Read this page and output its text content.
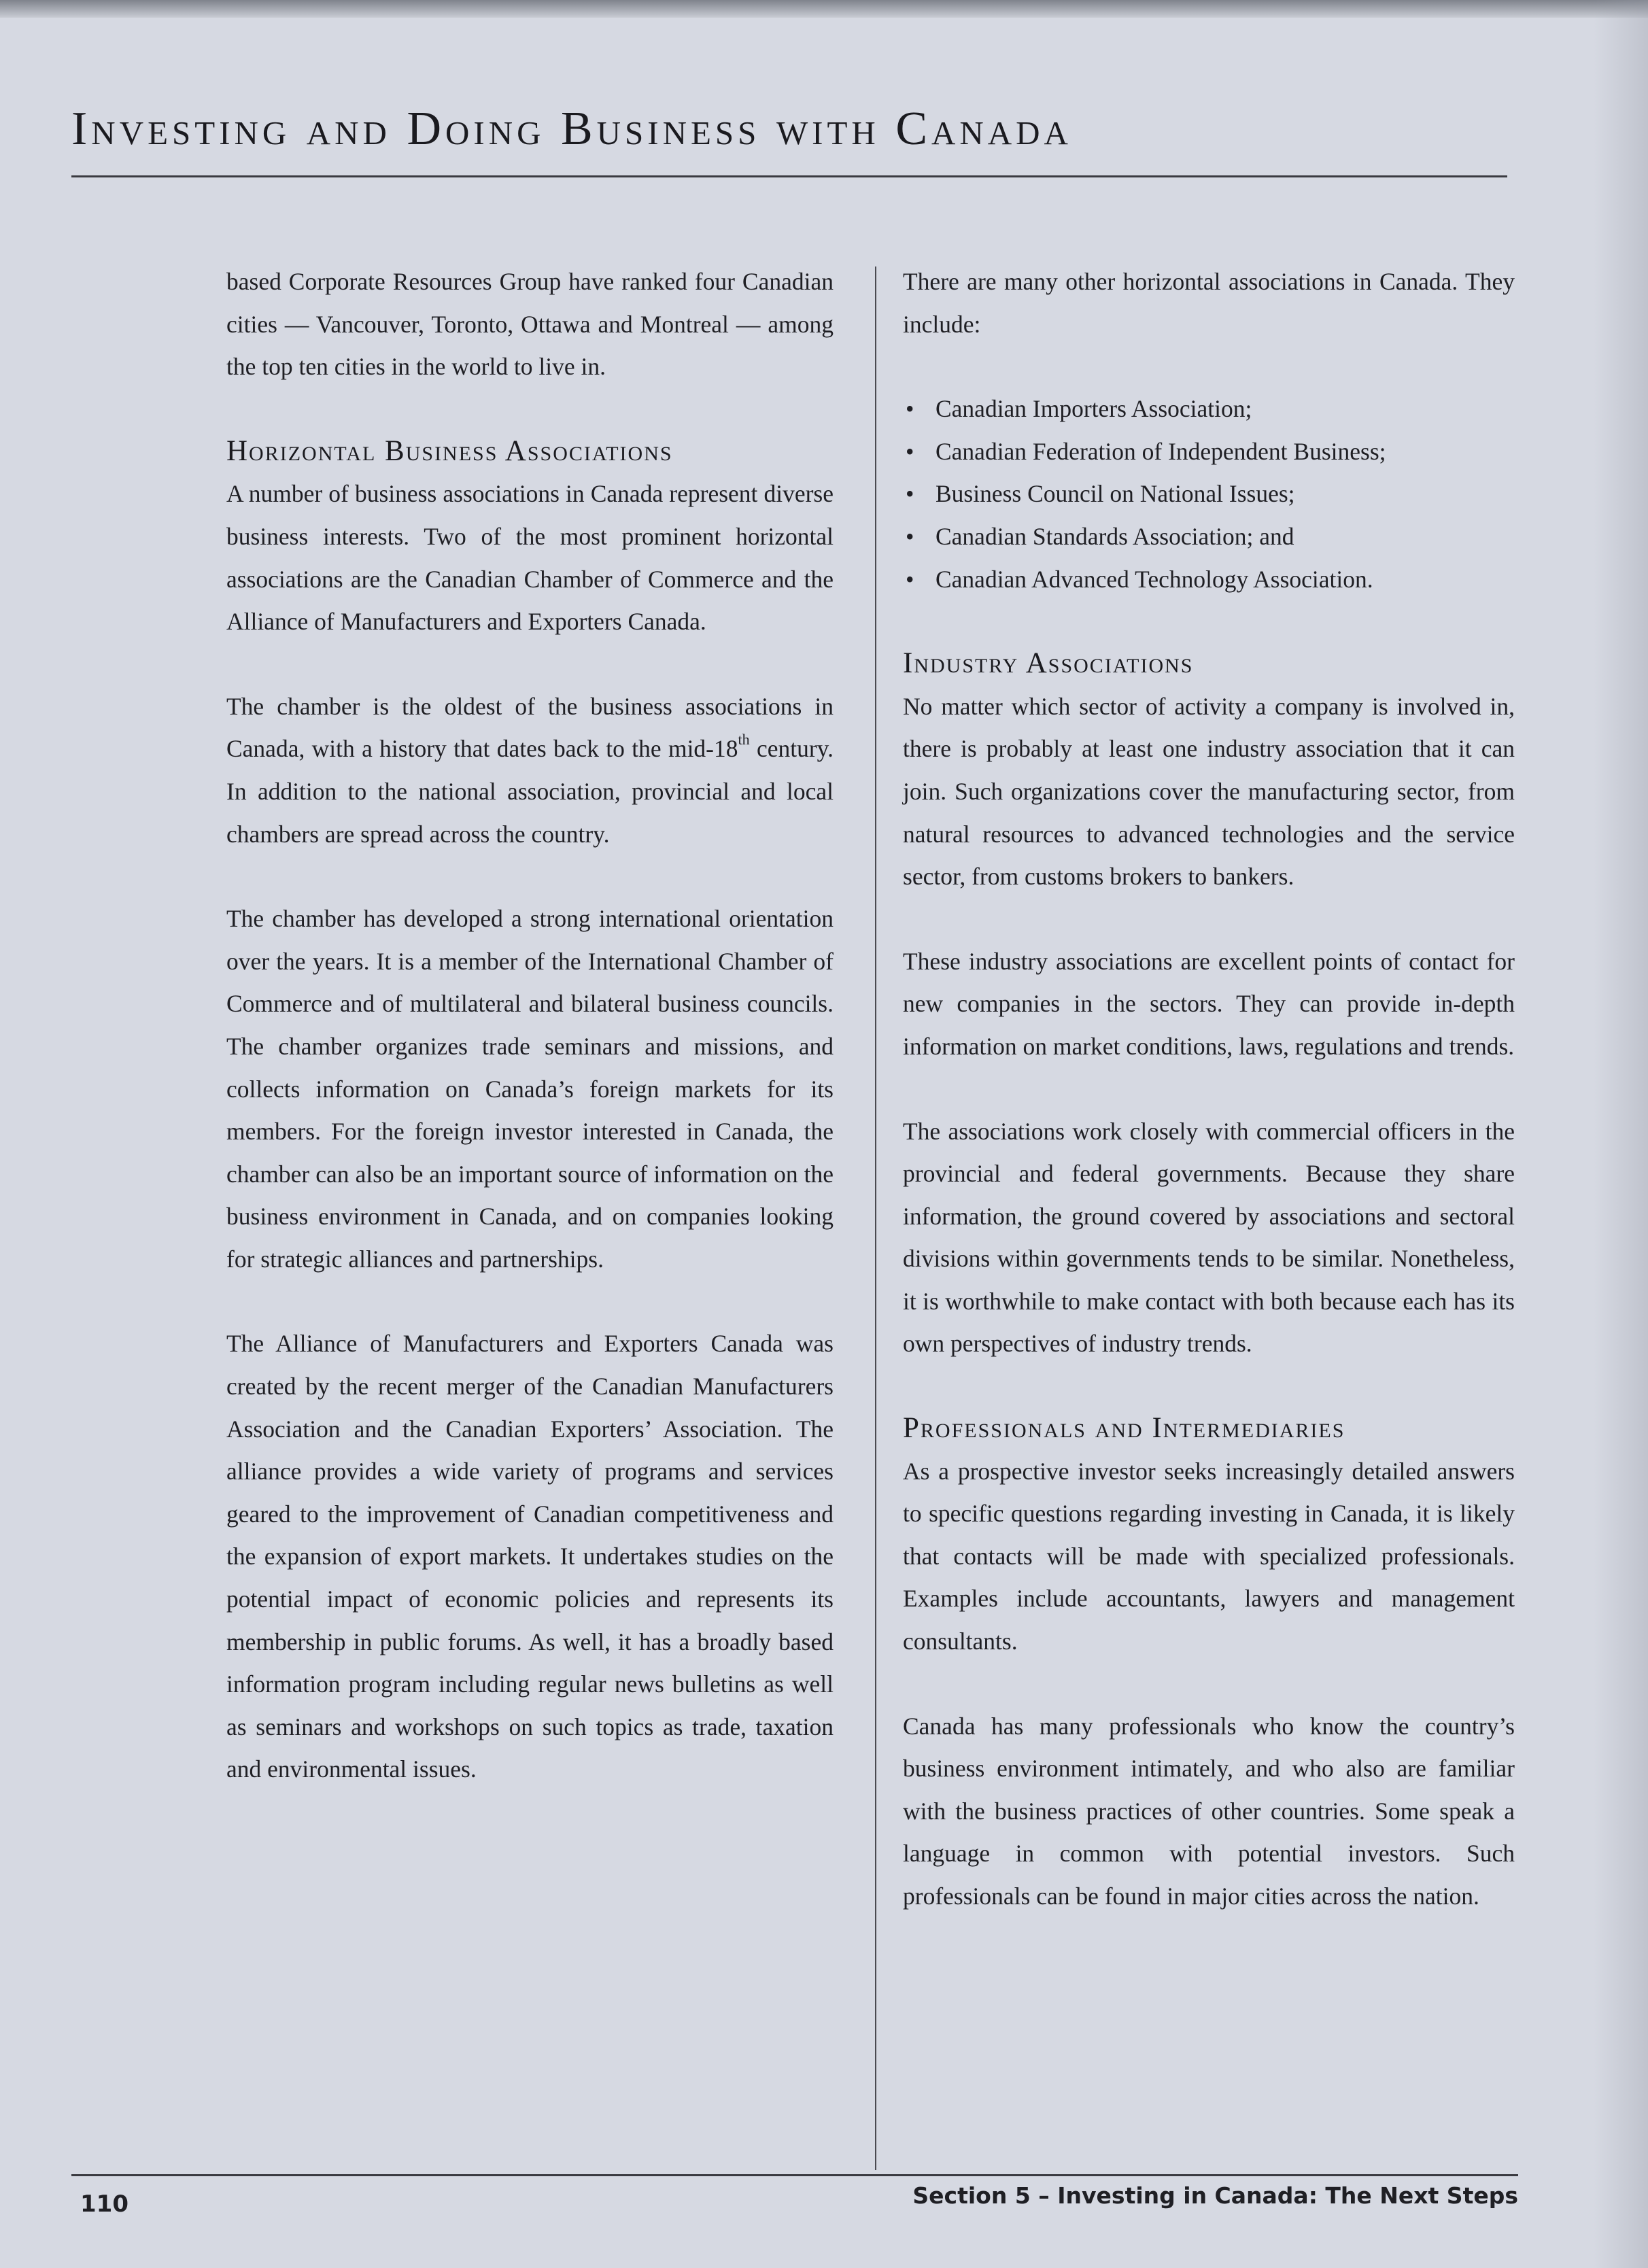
Investing and Doing Business with Canada

based Corporate Resources Group have ranked four Canadian cities — Vancouver, Toronto, Ottawa and Montreal — among the top ten cities in the world to live in.

Horizontal Business Associations

A number of business associations in Canada represent diverse business interests. Two of the most prominent horizontal associations are the Canadian Chamber of Commerce and the Alliance of Manufacturers and Exporters Canada.

The chamber is the oldest of the business associations in Canada, with a history that dates back to the mid-18th century. In addition to the national association, provincial and local chambers are spread across the country.

The chamber has developed a strong international orientation over the years. It is a member of the International Chamber of Commerce and of multilateral and bilateral business councils. The chamber organizes trade seminars and missions, and collects information on Canada’s foreign markets for its members. For the foreign investor interested in Canada, the chamber can also be an important source of information on the business environment in Canada, and on companies looking for strategic alliances and partnerships.

The Alliance of Manufacturers and Exporters Canada was created by the recent merger of the Canadian Manufacturers Association and the Canadian Exporters’ Association. The alliance provides a wide variety of programs and services geared to the improvement of Canadian competitiveness and the expansion of export markets. It undertakes studies on the potential impact of economic policies and represents its membership in public forums. As well, it has a broadly based information program including regular news bulletins as well as seminars and workshops on such topics as trade, taxation and environmental issues.

There are many other horizontal associations in Canada. They include:

• Canadian Importers Association;
• Canadian Federation of Independent Business;
• Business Council on National Issues;
• Canadian Standards Association; and
• Canadian Advanced Technology Association.
Industry Associations

No matter which sector of activity a company is involved in, there is probably at least one industry association that it can join. Such organizations cover the manufacturing sector, from natural resources to advanced technologies and the service sector, from customs brokers to bankers.

These industry associations are excellent points of contact for new companies in the sectors. They can provide in-depth information on market conditions, laws, regulations and trends.

The associations work closely with commercial officers in the provincial and federal governments. Because they share information, the ground covered by associations and sectoral divisions within governments tends to be similar. Nonetheless, it is worthwhile to make contact with both because each has its own perspectives of industry trends.

Professionals and Intermediaries

As a prospective investor seeks increasingly detailed answers to specific questions regarding investing in Canada, it is likely that contacts will be made with specialized professionals. Examples include accountants, lawyers and management consultants.

Canada has many professionals who know the country’s business environment intimately, and who also are familiar with the business practices of other countries. Some speak a language in common with potential investors. Such professionals can be found in major cities across the nation.

110	Section 5 – Investing in Canada: The Next Steps
